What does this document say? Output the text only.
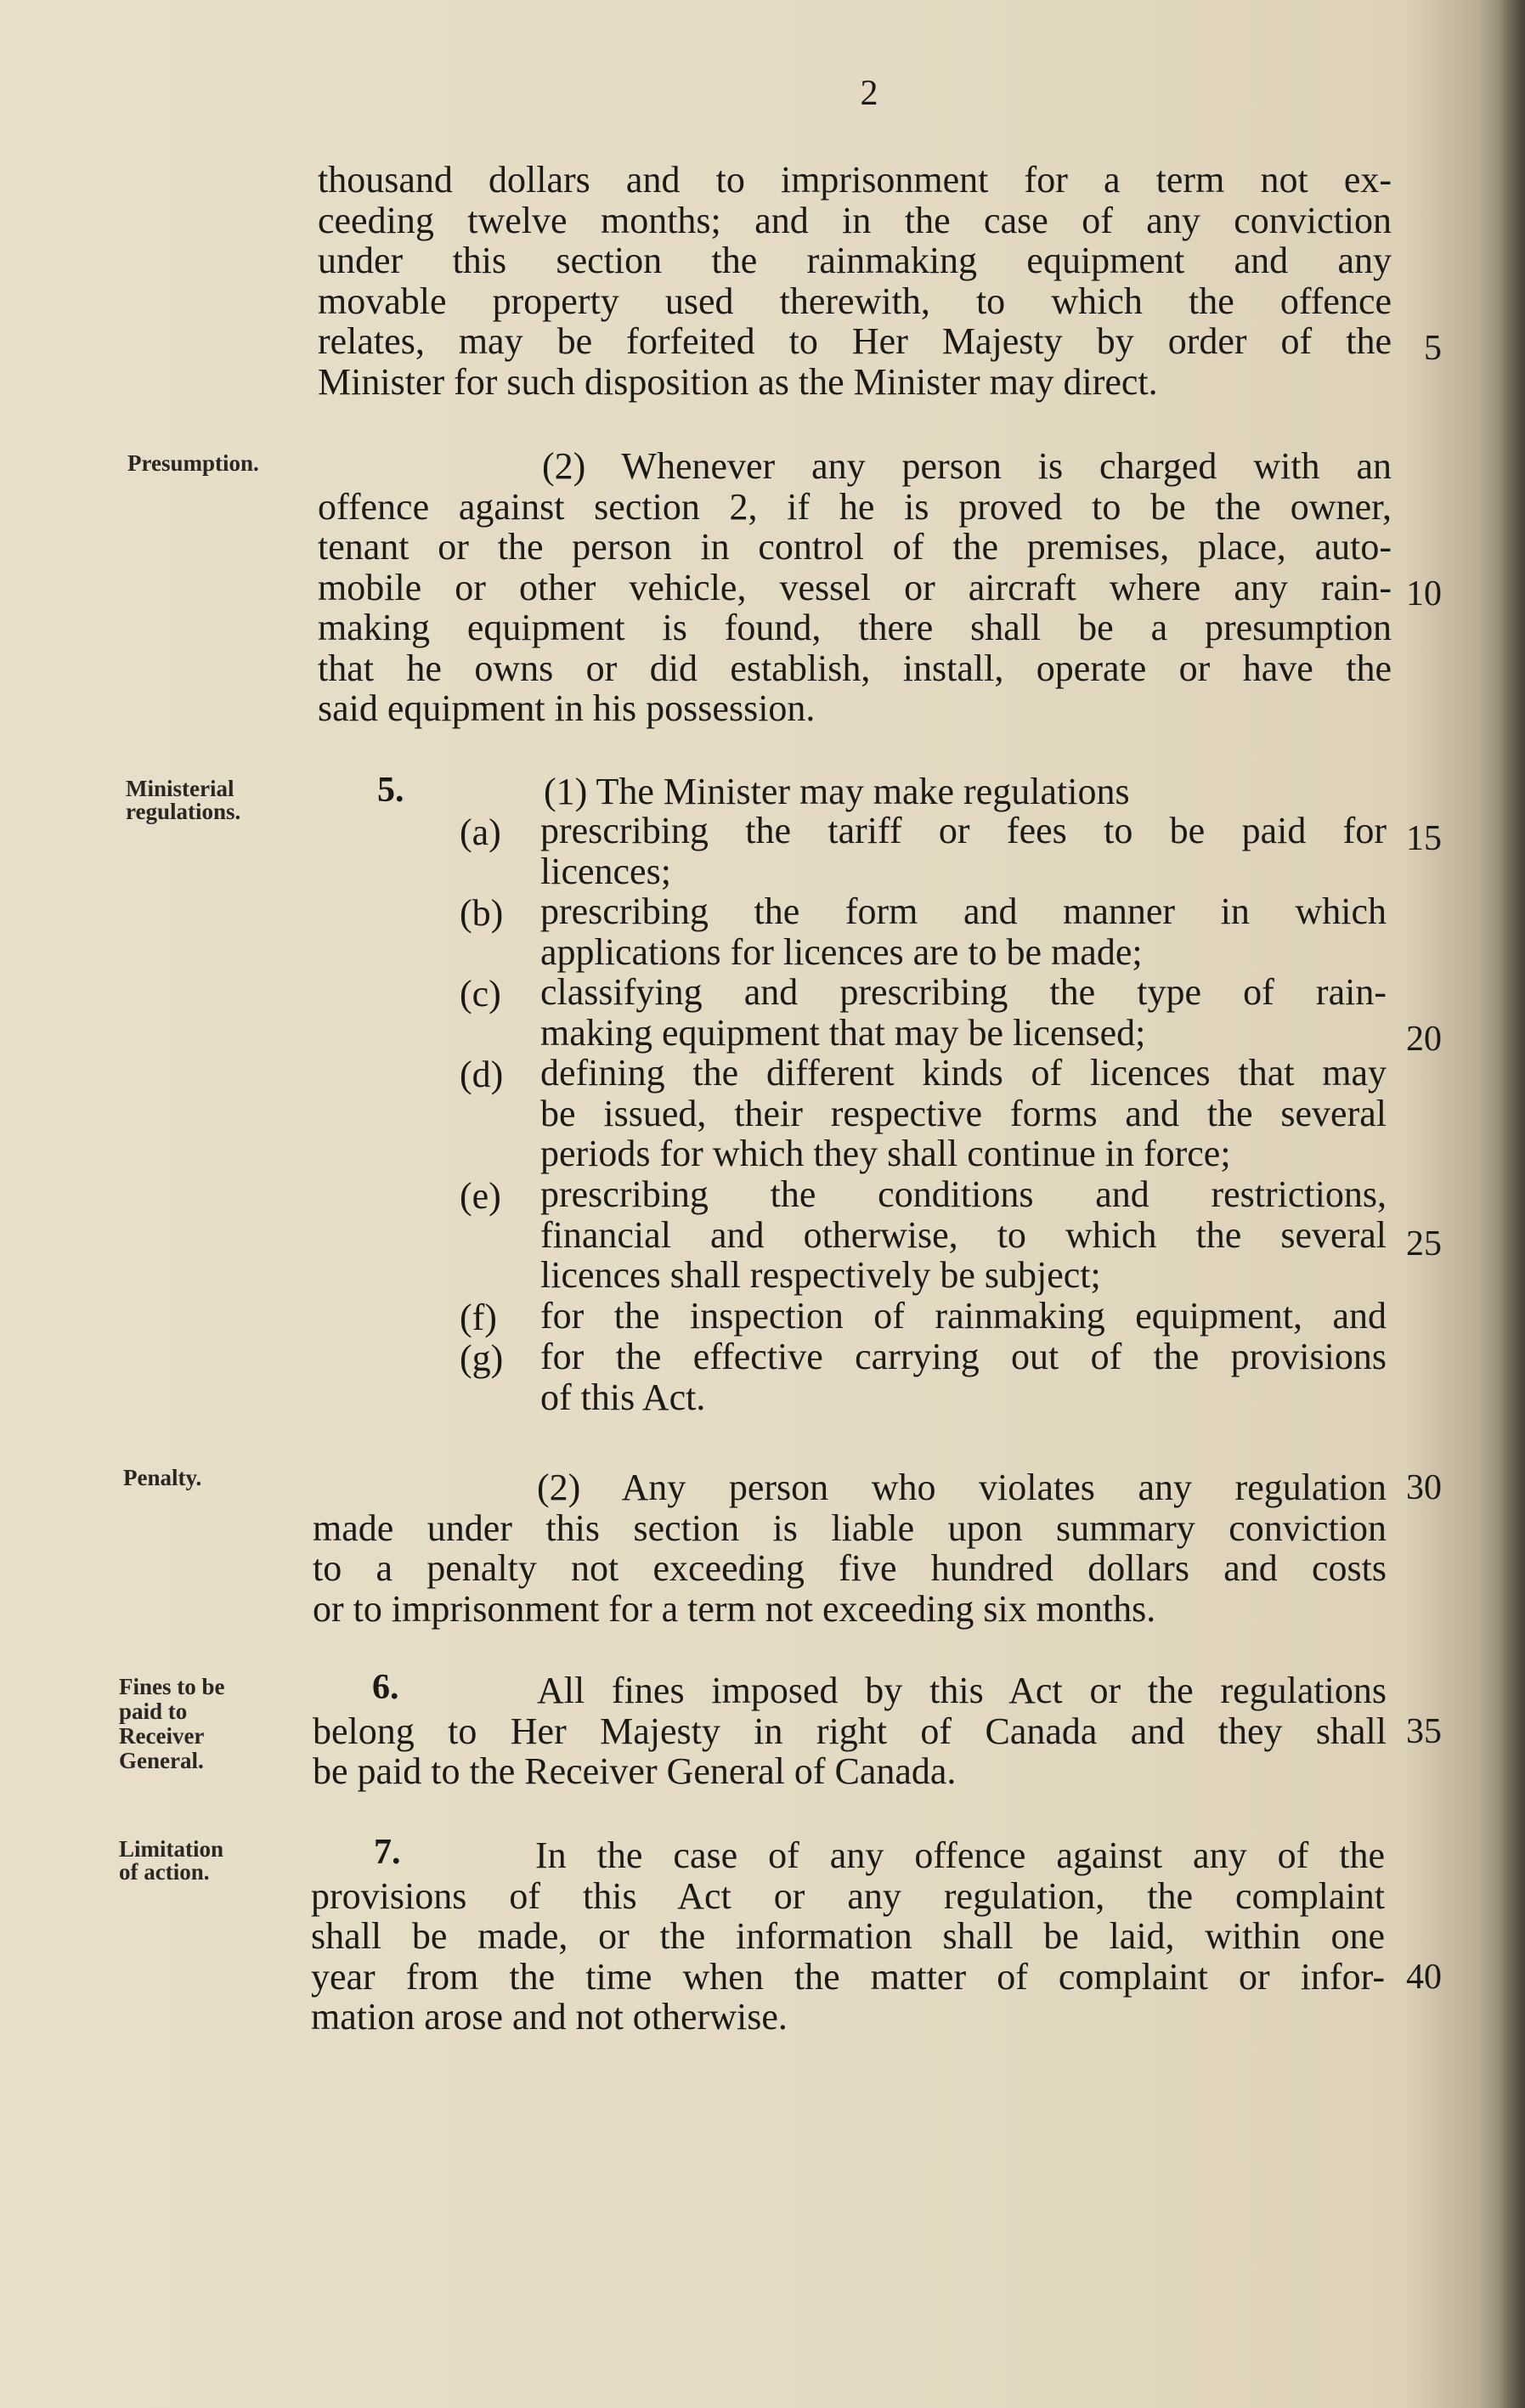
2
thousand dollars and to imprisonment for a term not ex-
ceeding twelve months; and in the case of any conviction
under this section the rainmaking equipment and any
movable property used therewith, to which the offence
relates, may be forfeited to Her Majesty by order of the
Minister for such disposition as the Minister may direct.
5
Presumption.	(2) Whenever any person is charged with an
offence against section 2, if he is proved to be the owner,
tenant or the person in control of the premises, place, auto-
mobile or other vehicle, vessel or aircraft where any rain-
making equipment is found, there shall be a presumption
that he owns or did establish, install, operate or have the
said equipment in his possession.
10
Ministerial
regulations.
5.	(1) The Minister may make regulations
(a)	prescribing the tariff or fees to be paid for
licences;
(b) prescribing the form and manner in which
applications for licences are to be made;
(c)	classifying and prescribing the type of rain-
making equipment that may be licensed;
(d) defining the different kinds of licences that may
be issued, their respective forms and the several
periods for which they shall continue in force;
(e)	prescribing the conditions and restrictions,
financial and otherwise, to which the several
licences shall respectively be subject;
(f)	for the inspection of rainmaking equipment, and
(g) for the effective carrying out of the provisions
of this Act.
15
20
25
Penalty.	(2) Any person who violates any regulation
made under this section is liable upon summary conviction
to a penalty not exceeding five hundred dollars and costs
or to imprisonment for a term not exceeding six months.
30
Fines to be
paid to
Receiver
General.
6.	All fines imposed by this Act or the regulations
belong to Her Majesty in right of Canada and they shall
be paid to the Receiver General of Canada.
35
Limitation
of action.	7.	In the case of any offence against any of the
provisions of this Act or any regulation, the complaint
shall be made, or the information shall be laid, within one
year from the time when the matter of complaint or infor-
mation arose and not otherwise.
40
